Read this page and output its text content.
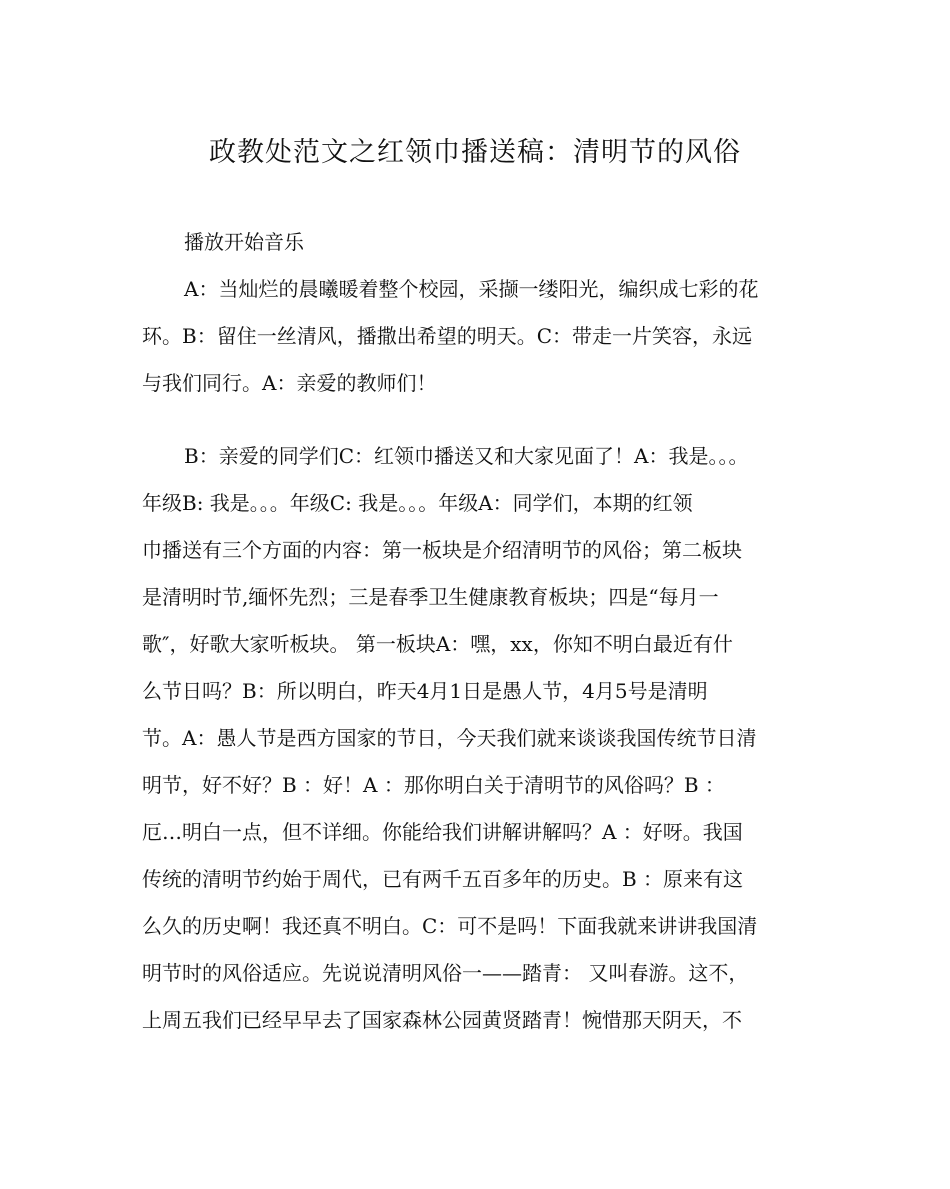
政教处范文之红领巾播送稿：清明节的风俗
播放开始音乐
A：当灿烂的晨曦暖着整个校园，采撷一缕阳光，编织成七彩的花
环。B：留住一丝清风，播撒出希望的明天。C：带走一片笑容，永远
与我们同行。A：亲爱的教师们！
B：亲爱的同学们C：红领巾播送又和大家见面了！A：我是。。。
年级B: 我是。。。年级C: 我是。。。年级A：同学们，本期的红领
巾播送有三个方面的内容：第一板块是介绍清明节的风俗；第二板块
是清明时节,缅怀先烈；三是春季卫生健康教育板块；四是“每月一
歌″，好歌大家听板块。 第一板块A：嘿，xx，你知不明白最近有什
么节日吗？B：所以明白，昨天4月1日是愚人节，4月5号是清明
节。A：愚人节是西方国家的节日，今天我们就来谈谈我国传统节日清
明节，好不好？B ：好！A ：那你明白关于清明节的风俗吗？B ：
厄…明白一点，但不详细。你能给我们讲解讲解吗？A ：好呀。我国
传统的清明节约始于周代，已有两千五百多年的历史。B ：原来有这
么久的历史啊！我还真不明白。C：可不是吗！下面我就来讲讲我国清
明节时的风俗适应。先说说清明风俗一——踏青： 又叫春游。这不，
上周五我们已经早早去了国家森林公园黄贤踏青！惋惜那天阴天，不
